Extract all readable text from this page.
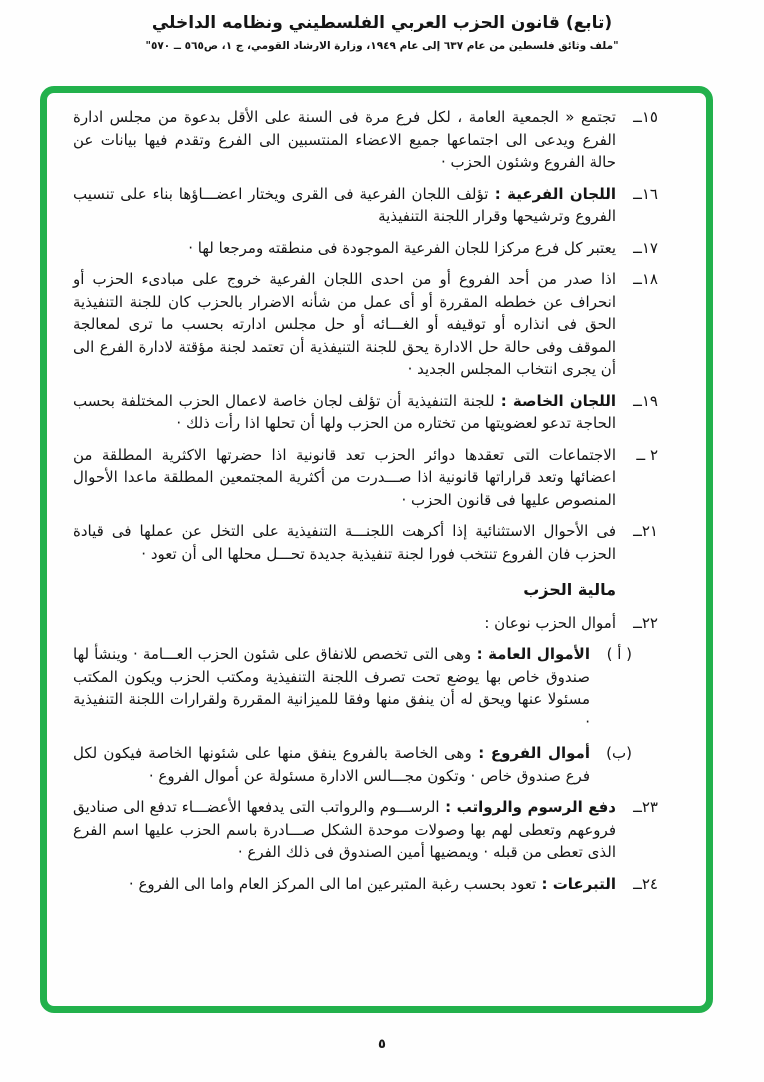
(تابع) قانون الحزب العربي الفلسطيني ونظامه الداخلي
"ملف وثائق فلسطين من عام ٦٣٧ إلى عام ١٩٤٩، وزارة الارشاد القومي، ج ١، ص٥٦٥ ــ ٥٧٠"
١٥ــ
تجتمع « الجمعية العامة ، لكل فرع مرة فى السنة على الأقل بدعوة من مجلس ادارة الفرع ويدعى الى اجتماعها جميع الاعضاء المنتسبين الى الفرع وتقدم فيها بيانات عن حالة الفروع وشئون الحزب ·
١٦ــ
اللجان الفرعية : تؤلف اللجان الفرعية فى القرى ويختار اعضـــاؤها بناء على تنسيب الفروع وترشيحها وقرار اللجنة التنفيذية
١٧ــ
يعتبر كل فرع مركزا للجان الفرعية الموجودة فى منطقته ومرجعا لها ·
١٨ــ
اذا صدر من أحد الفروع أو من احدى اللجان الفرعية خروج على مبادىء الحزب أو انحراف عن خططه المقررة أو أى عمل من شأنه الاضرار بالحزب كان للجنة التنفيذية الحق فى انذاره أو توقيفه أو الغـــائه أو حل مجلس ادارته بحسب ما ترى لمعالجة الموقف وفى حالة حل الادارة يحق للجنة التنيفذية أن تعتمد لجنة مؤقتة لادارة الفرع الى أن يجرى انتخاب المجلس الجديد ·
١٩ــ
اللجان الخاصة : للجنة التنفيذية أن تؤلف لجان خاصة لاعمال الحزب المختلفة بحسب الحاجة تدعو لعضويتها من تختاره من الحزب ولها أن تحلها اذا رأت ذلك ·
٢ ــ
الاجتماعات التى تعقدها دوائر الحزب تعد قانونية اذا حضرتها الاكثرية المطلقة من اعضائها وتعد قراراتها قانونية اذا صـــدرت من أكثرية المجتمعين المطلقة ماعدا الأحوال المنصوص عليها فى قانون الحزب ·
٢١ــ
فى الأحوال الاستثنائية إذا أكرهت اللجنـــة التنفيذية على التخل عن عملها فى قيادة الحزب فان الفروع تنتخب فورا لجنة تنفيذية جديدة تحـــل محلها الى أن تعود ·
مالية الحزب
٢٢ــ
أموال الحزب نوعان :
( أ )
الأموال العامة : وهى التى تخصص للانفاق على شئون الحزب العـــامة · وينشأ لها صندوق خاص بها يوضع تحت تصرف اللجنة التنفيذية ومكتب الحزب ويكون المكتب مسئولا عنها ويحق له أن ينفق منها وفقا للميزانية المقررة ولقرارات اللجنة التنفيذية ·
(ب)
أموال الفروع : وهى الخاصة بالفروع ينفق منها على شئونها الخاصة فيكون لكل فرع صندوق خاص · وتكون مجـــالس الادارة مسئولة عن أموال الفروع ·
٢٣ــ
دفع الرسوم والرواتب : الرســـوم والرواتب التى يدفعها الأعضـــاء تدفع الى صناديق فروعهم وتعطى لهم بها وصولات موحدة الشكل صـــادرة باسم الحزب عليها اسم الفرع الذى تعطى من قبله · ويمضيها أمين الصندوق فى ذلك الفرع ·
٢٤ــ
التبرعات : تعود بحسب رغبة المتبرعين اما الى المركز العام واما الى الفروع ·
٥
